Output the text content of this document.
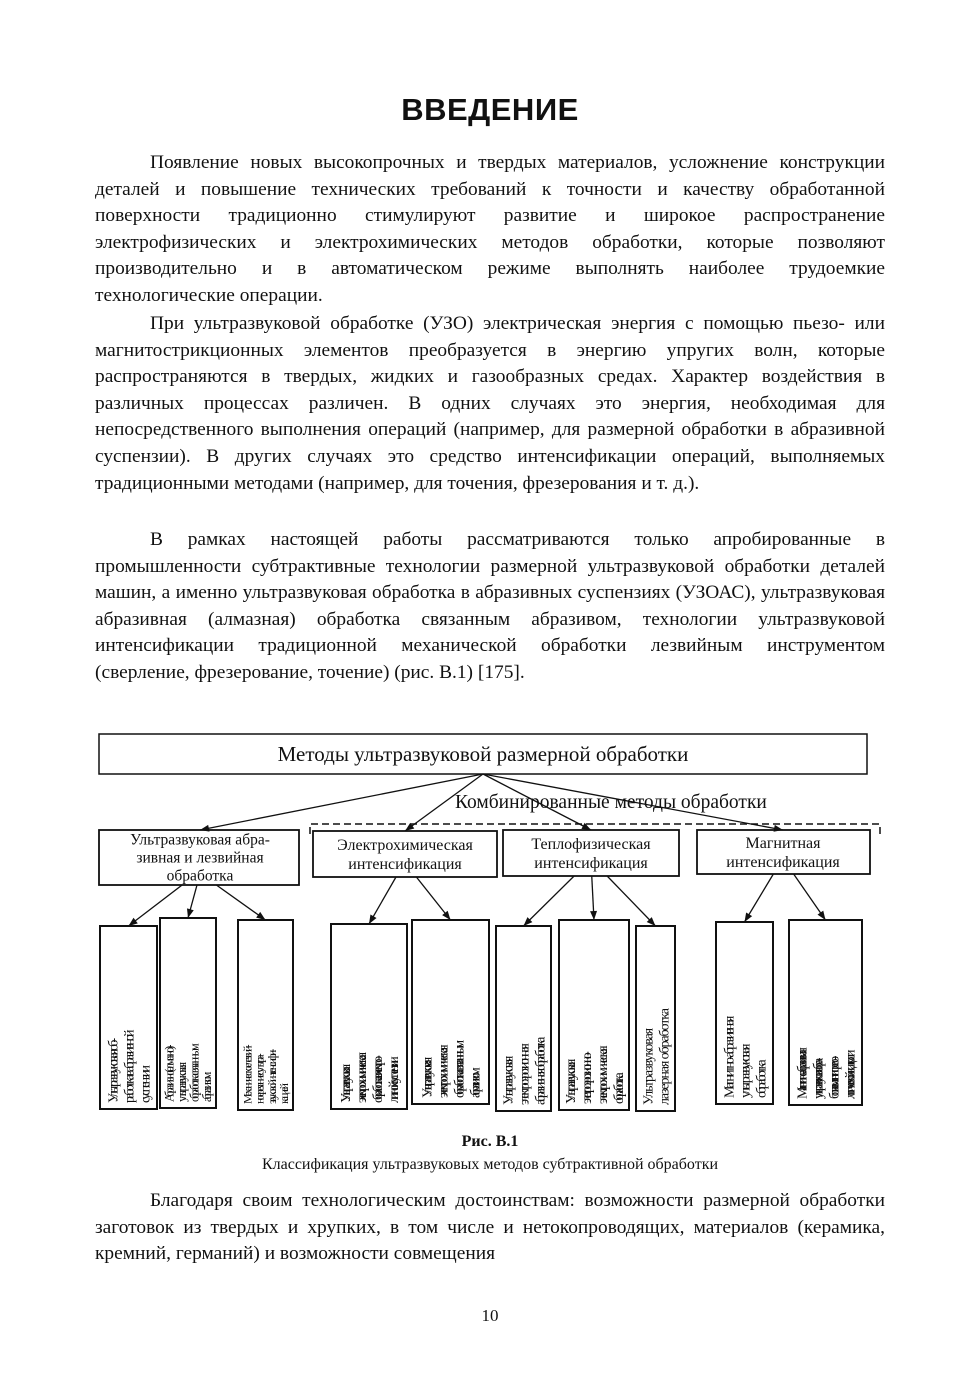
ВВЕДЕНИЕ

Появление новых высокопрочных и твердых материалов, усложнение конструкции деталей и повышение технических требований к точности и качеству обработанной поверхности традиционно стимулируют развитие и широкое распространение электрофизических и электрохимических методов обработки, которые позволяют производительно и в автоматическом режиме выполнять наиболее трудоемкие технологические операции.

При ультразвуковой обработке (УЗО) электрическая энергия с помощью пьезо- или магнитострикционных элементов преобразуется в энергию упругих волн, которые распространяются в твердых, жидких и газообразных средах. Характер воздействия в различных процессах различен. В одних случаях это энергия, необходимая для непосредственного выполнения операций (например, для размерной обработки в абразивной суспензии). В других случаях это средство интенсификации операций, выполняемых традиционными методами (например, для точения, фрезерования и т. д.).

В рамках настоящей работы рассматриваются только апробированные в промышленности субтрактивные технологии размерной ультразвуковой обработки деталей машин, а именно ультразвуковая обработка в абразивных суспензиях (УЗОАС), ультразвуковая абразивная (алмазная) обработка связанным абразивом, технологии ультразвуковой интенсификации традиционной механической обработки лезвийным инструментом (сверление, фрезерование, точение) (рис. В.1) [175].

Методы ультразвуковой размерной обработки
Комбинированные методы обработки
Ультразвуковая абра-зивная и лезвийная обработка
Электрохимическая интенсификация
Теплофизическая интенсификация
Магнитная интенсификация
Ультразвуковая об-работка в абразивнойсуспензии
Абразивно(алмазно)-ультразвуковаяобработка связаннымабразивом
Механическое лезвий-ное резание с ультра-звуковой интенсифи-кацией
Ультразвуковаяэлектрохимическаяобработка в электро-литной суспензии
Ультразвуковаяэлектрохимическаяобработка связаннымабразивом
Ультразвуковаяэлектроэрозионнаяабразивная обработка
Ультразвуковаяэлетроэрозионно-электрохимическаяобработка
Ультразвуковаялазерная обработка
Магнитно-абразивнаяультразвуковаяобработка
Магнитно-абразивнаяультразвуковая обра-ботка в магнитореоо-логической жидкости
Рис. В.1
Классификация ультразвуковых методов субтрактивной обработки

Благодаря своим технологическим достоинствам: возможности размерной обработки заготовок из твердых и хрупких, в том числе и нетокопроводящих, материалов (керамика, кремний, германий) и возможности совмещения

10
